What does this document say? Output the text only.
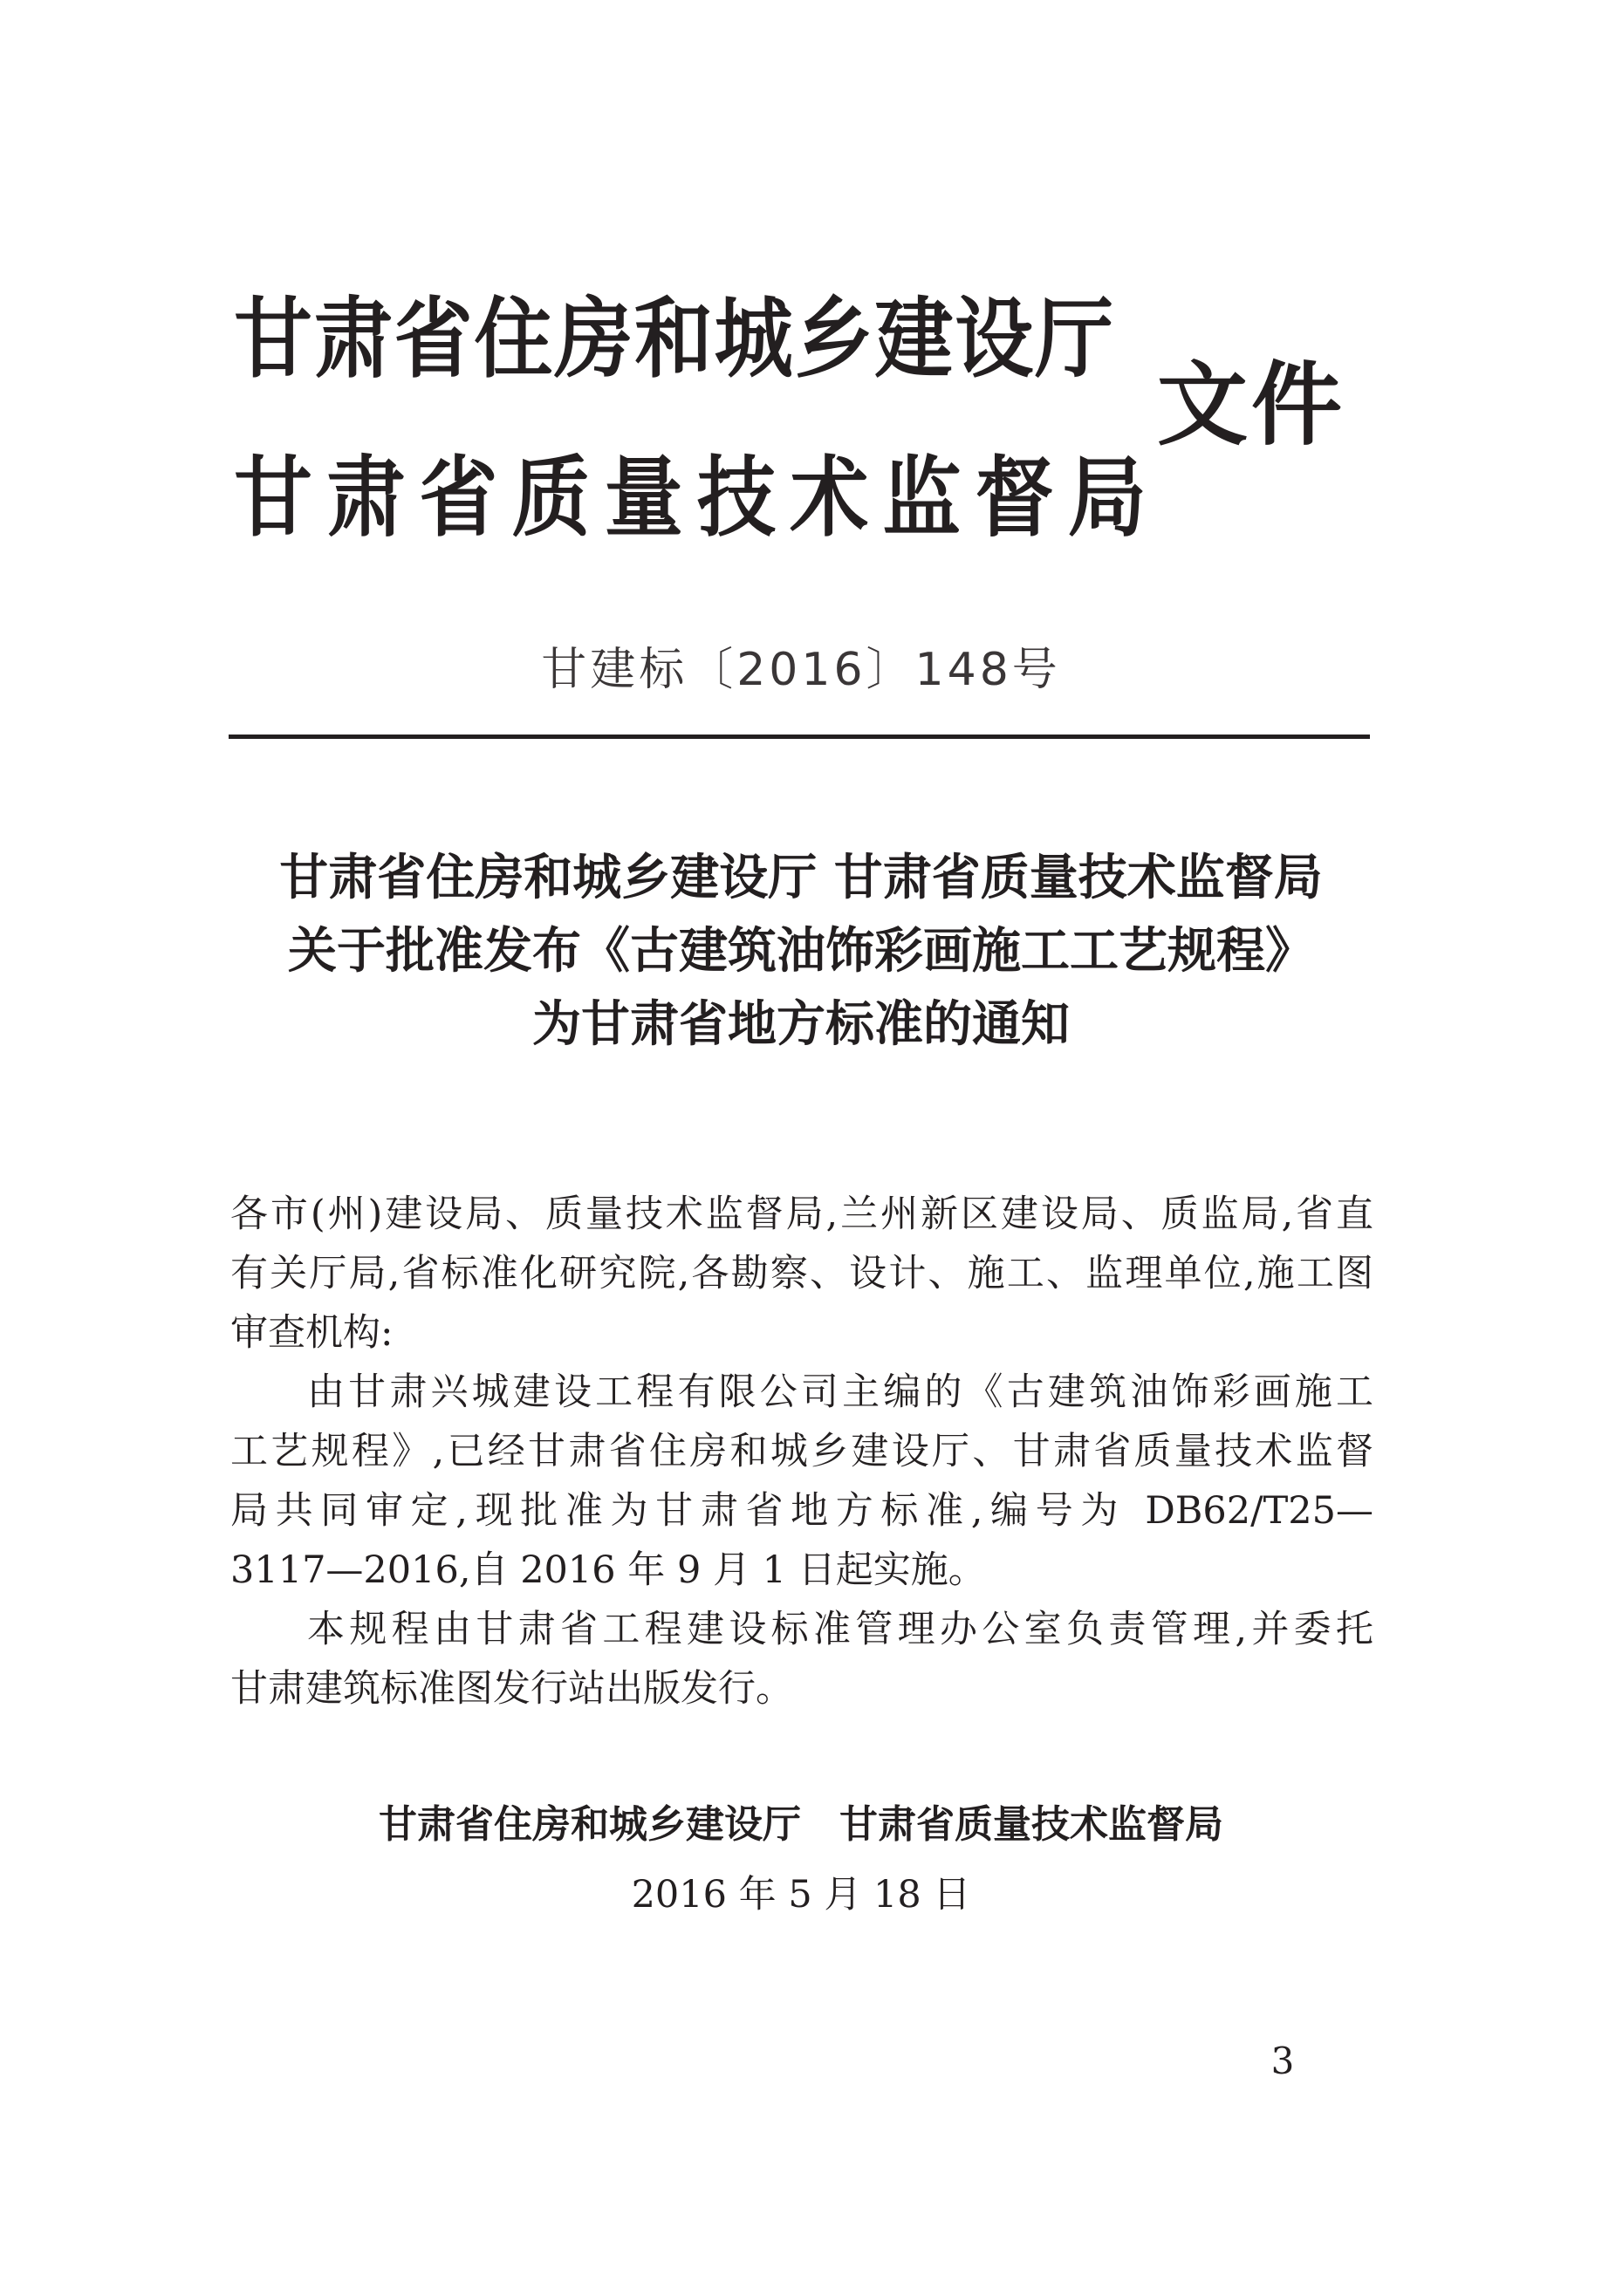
甘肃省住房和城乡建设厅
甘肃省质量技术监督局
文件
甘建标〔2016〕148号
甘肃省住房和城乡建设厅 甘肃省质量技术监督局
关于批准发布《古建筑油饰彩画施工工艺规程》
为甘肃省地方标准的通知
各市(州)建设局、质量技术监督局,兰州新区建设局、质监局,省直
有关厅局,省标准化研究院,各勘察、设计、施工、监理单位,施工图
审查机构:
由甘肃兴城建设工程有限公司主编的《古建筑油饰彩画施工
工艺规程》,已经甘肃省住房和城乡建设厅、甘肃省质量技术监督
局共同审定,现批准为甘肃省地方标准,编号为 DB62/T25—
3117—2016,自 2016 年 9 月 1 日起实施。
本规程由甘肃省工程建设标准管理办公室负责管理,并委托
甘肃建筑标准图发行站出版发行。
甘肃省住房和城乡建设厅 甘肃省质量技术监督局
2016 年 5 月 18 日
3
